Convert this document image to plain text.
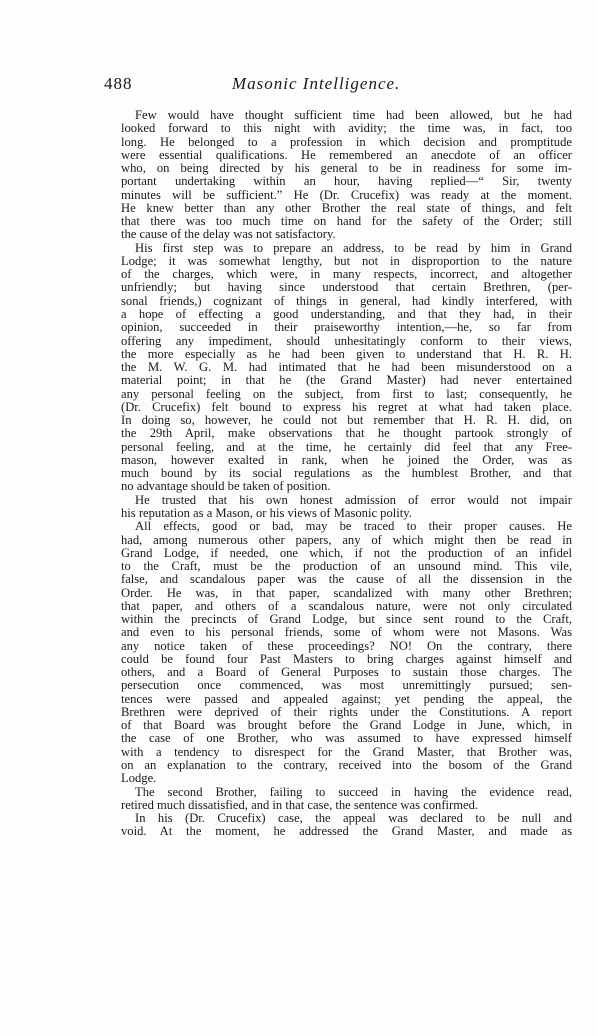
488	Masonic Intelligence.
Few would have thought sufficient time had been allowed, but he had
looked forward to this night with avidity; the time was, in fact, too
long. He belonged to a profession in which decision and promptitude
were essential qualifications. He remembered an anecdote of an officer
who, on being directed by his general to be in readiness for some im-
portant undertaking within an hour, having replied—“ Sir, twenty
minutes will be sufficient.” He (Dr. Crucefix) was ready at the moment.
He knew better than any other Brother the real state of things, and felt
that there was too much time on hand for the safety of the Order; still
the cause of the delay was not satisfactory.
His first step was to prepare an address, to be read by him in Grand
Lodge; it was somewhat lengthy, but not in disproportion to the nature
of the charges, which were, in many respects, incorrect, and altogether
unfriendly; but having since understood that certain Brethren, (per-
sonal friends,) cognizant of things in general, had kindly interfered, with
a hope of effecting a good understanding, and that they had, in their
opinion, succeeded in their praiseworthy intention,—he, so far from
offering any impediment, should unhesitatingly conform to their views,
the more especially as he had been given to understand that H. R. H.
the M. W. G. M. had intimated that he had been misunderstood on a
material point; in that he (the Grand Master) had never entertained
any personal feeling on the subject, from first to last; consequently, he
(Dr. Crucefix) felt bound to express his regret at what had taken place.
In doing so, however, he could not but remember that H. R. H. did, on
the 29th April, make observations that he thought partook strongly of
personal feeling, and at the time, he certainly did feel that any Free-
mason, however exalted in rank, when he joined the Order, was as
much bound by its social regulations as the humblest Brother, and that
no advantage should be taken of position.
He trusted that his own honest admission of error would not impair
his reputation as a Mason, or his views of Masonic polity.
All effects, good or bad, may be traced to their proper causes. He
had, among numerous other papers, any of which might then be read in
Grand Lodge, if needed, one which, if not the production of an infidel
to the Craft, must be the production of an unsound mind. This vile,
false, and scandalous paper was the cause of all the dissension in the
Order. He was, in that paper, scandalized with many other Brethren;
that paper, and others of a scandalous nature, were not only circulated
within the precincts of Grand Lodge, but since sent round to the Craft,
and even to his personal friends, some of whom were not Masons. Was
any notice taken of these proceedings? NO! On the contrary, there
could be found four Past Masters to bring charges against himself and
others, and a Board of General Purposes to sustain those charges. The
persecution once commenced, was most unremittingly pursued; sen-
tences were passed and appealed against; yet pending the appeal, the
Brethren were deprived of their rights under the Constitutions. A report
of that Board was brought before the Grand Lodge in June, which, in
the case of one Brother, who was assumed to have expressed himself
with a tendency to disrespect for the Grand Master, that Brother was,
on an explanation to the contrary, received into the bosom of the Grand
Lodge.
The second Brother, failing to succeed in having the evidence read,
retired much dissatisfied, and in that case, the sentence was confirmed.
In his (Dr. Crucefix) case, the appeal was declared to be null and
void. At the moment, he addressed the Grand Master, and made as
